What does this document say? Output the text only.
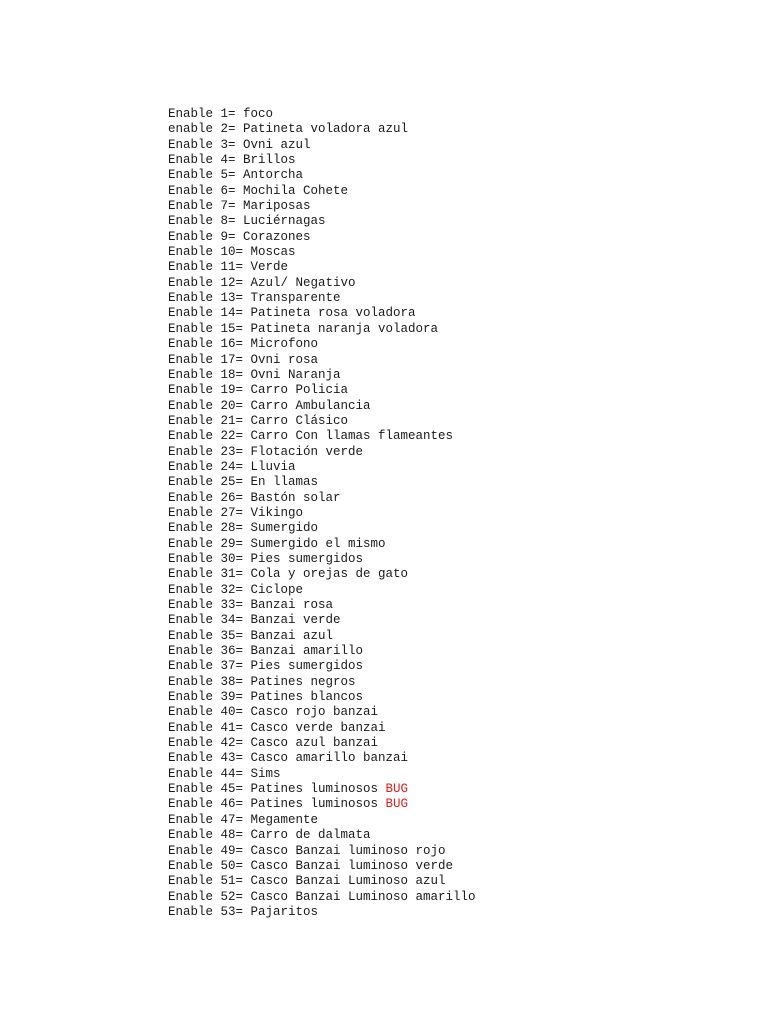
Enable 1= foco
enable 2= Patineta voladora azul
Enable 3= Ovni azul
Enable 4= Brillos
Enable 5= Antorcha
Enable 6= Mochila Cohete
Enable 7= Mariposas
Enable 8= Luciérnagas
Enable 9= Corazones
Enable 10= Moscas
Enable 11= Verde
Enable 12= Azul/ Negativo
Enable 13= Transparente
Enable 14= Patineta rosa voladora
Enable 15= Patineta naranja voladora
Enable 16= Microfono
Enable 17= Ovni rosa
Enable 18= Ovni Naranja
Enable 19= Carro Policia
Enable 20= Carro Ambulancia
Enable 21= Carro Clásico
Enable 22= Carro Con llamas flameantes
Enable 23= Flotación verde
Enable 24= Lluvia
Enable 25= En llamas
Enable 26= Bastón solar
Enable 27= Vikingo
Enable 28= Sumergido
Enable 29= Sumergido el mismo
Enable 30= Pies sumergidos
Enable 31= Cola y orejas de gato
Enable 32= Ciclope
Enable 33= Banzai rosa
Enable 34= Banzai verde
Enable 35= Banzai azul
Enable 36= Banzai amarillo
Enable 37= Pies sumergidos
Enable 38= Patines negros
Enable 39= Patines blancos
Enable 40= Casco rojo banzai
Enable 41= Casco verde banzai
Enable 42= Casco azul banzai
Enable 43= Casco amarillo banzai
Enable 44= Sims
Enable 45= Patines luminosos BUG
Enable 46= Patines luminosos BUG
Enable 47= Megamente
Enable 48= Carro de dalmata
Enable 49= Casco Banzai luminoso rojo
Enable 50= Casco Banzai luminoso verde
Enable 51= Casco Banzai Luminoso azul
Enable 52= Casco Banzai Luminoso amarillo
Enable 53= Pajaritos
